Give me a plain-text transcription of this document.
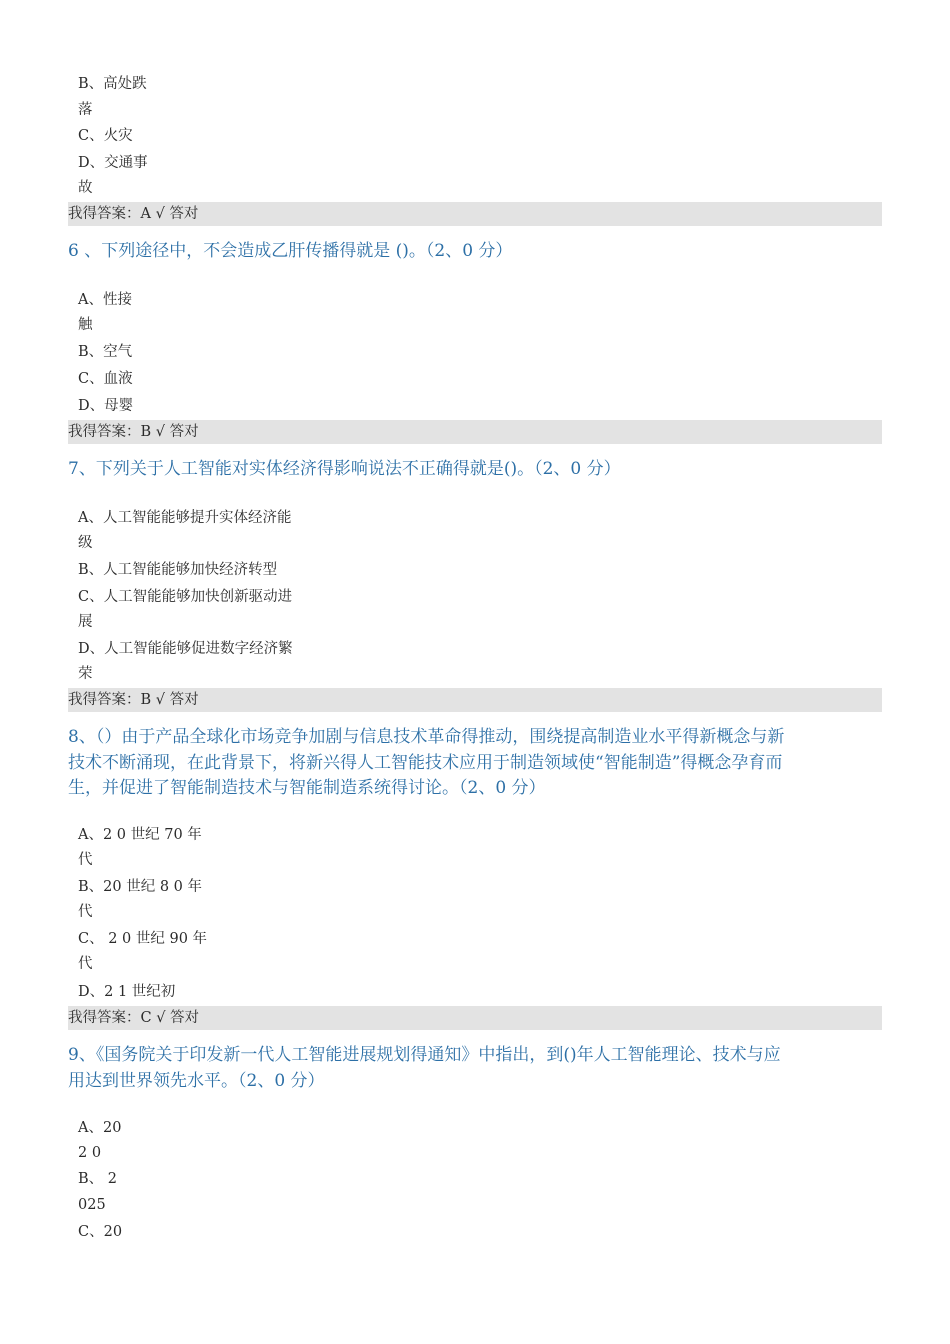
B、高处跌
落
C、火灾
D、交通事
故
我得答案：A √ 答对
6 、下列途径中，不会造成乙肝传播得就是 ()。（2、0 分）
A、性接
触
B、空气
C、血液
D、母婴
我得答案：B √ 答对
7、下列关于人工智能对实体经济得影响说法不正确得就是()。（2、0 分）
A、人工智能能够提升实体经济能
级
B、人工智能能够加快经济转型
C、人工智能能够加快创新驱动进
展
D、人工智能能够促进数字经济繁
荣
我得答案：B √ 答对
8、（）由于产品全球化市场竞争加剧与信息技术革命得推动，围绕提高制造业水平得新概念与新
技术不断涌现，在此背景下，将新兴得人工智能技术应用于制造领域使“智能制造”得概念孕育而
生，并促进了智能制造技术与智能制造系统得讨论。（2、0 分）
A、2 0 世纪 70 年
代
B、20 世纪 8 0 年
代
C、 2 0 世纪 90 年
代
D、2 1 世纪初
我得答案：C √ 答对
9、《国务院关于印发新一代人工智能进展规划得通知》中指出，到()年人工智能理论、技术与应
用达到世界领先水平。（2、0 分）
A、20
2 0
B、 2
025
C、20
